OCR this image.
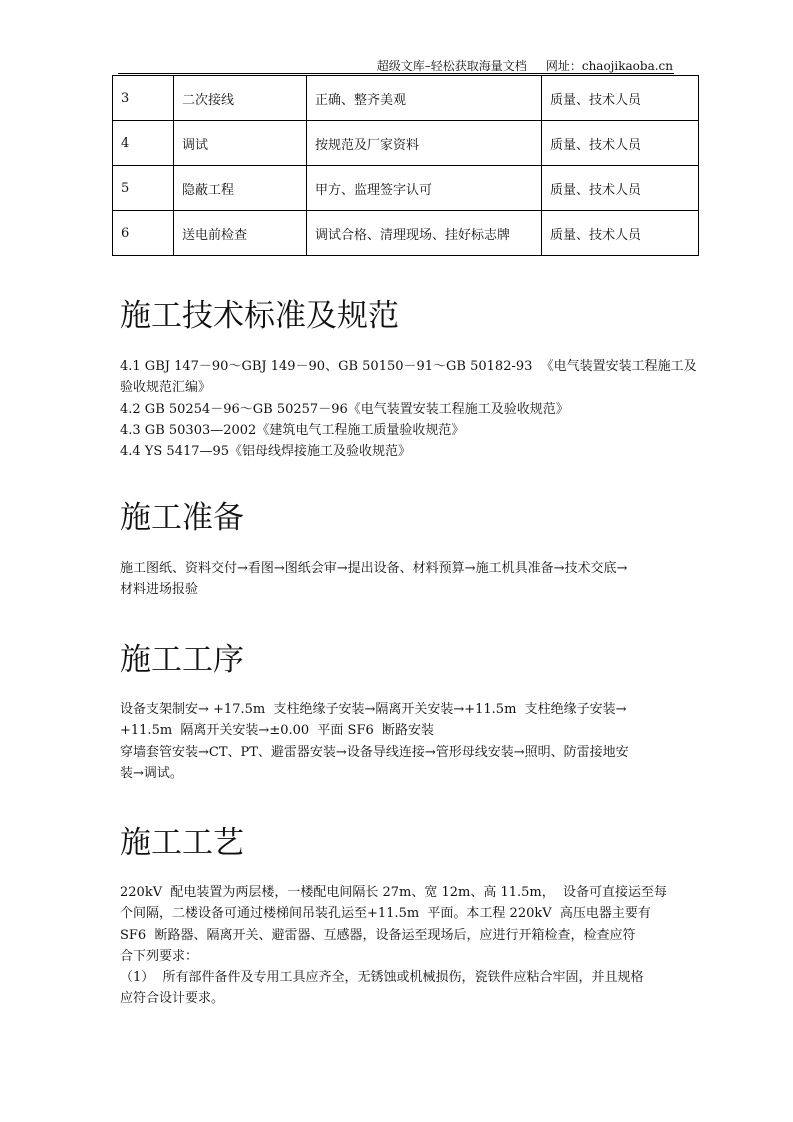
超级文库–轻松获取海量文档     网址：chaojikaoba.cn
3	二次接线	正确、整齐美观	质量、技术人员
4	调试	按规范及厂家资料	质量、技术人员
5	隐蔽工程	甲方、监理签字认可	质量、技术人员
6	送电前检查	调试合格、清理现场、挂好标志牌	质量、技术人员
施工技术标准及规范
4.1 GBJ 147－90～GBJ 149－90、GB 50150－91～GB 50182-93  《电气装置安装工程施工及
验收规范汇编》
4.2 GB 50254－96～GB 50257－96《电气装置安装工程施工及验收规范》
4.3 GB 50303—2002《建筑电气工程施工质量验收规范》
4.4 YS 5417—95《铝母线焊接施工及验收规范》
施工准备
施工图纸、资料交付→看图→图纸会审→提出设备、材料预算→施工机具准备→技术交底→
材料进场报验
施工工序
设备支架制安→ +17.5m  支柱绝缘子安装→隔离开关安装→+11.5m  支柱绝缘子安装→
+11.5m  隔离开关安装→±0.00  平面 SF6  断路安装
穿墙套管安装→CT、PT、避雷器安装→设备导线连接→管形母线安装→照明、防雷接地安
装→调试。
施工工艺
220kV  配电装置为两层楼，一楼配电间隔长 27m、宽 12m、高 11.5m，  设备可直接运至每
个间隔，二楼设备可通过楼梯间吊装孔运至+11.5m  平面。本工程 220kV  高压电器主要有
SF6  断路器、隔离开关、避雷器、互感器，设备运至现场后，应进行开箱检查，检查应符
合下列要求：
（1）  所有部件备件及专用工具应齐全，无锈蚀或机械损伤，瓷铁件应粘合牢固，并且规格
应符合设计要求。
